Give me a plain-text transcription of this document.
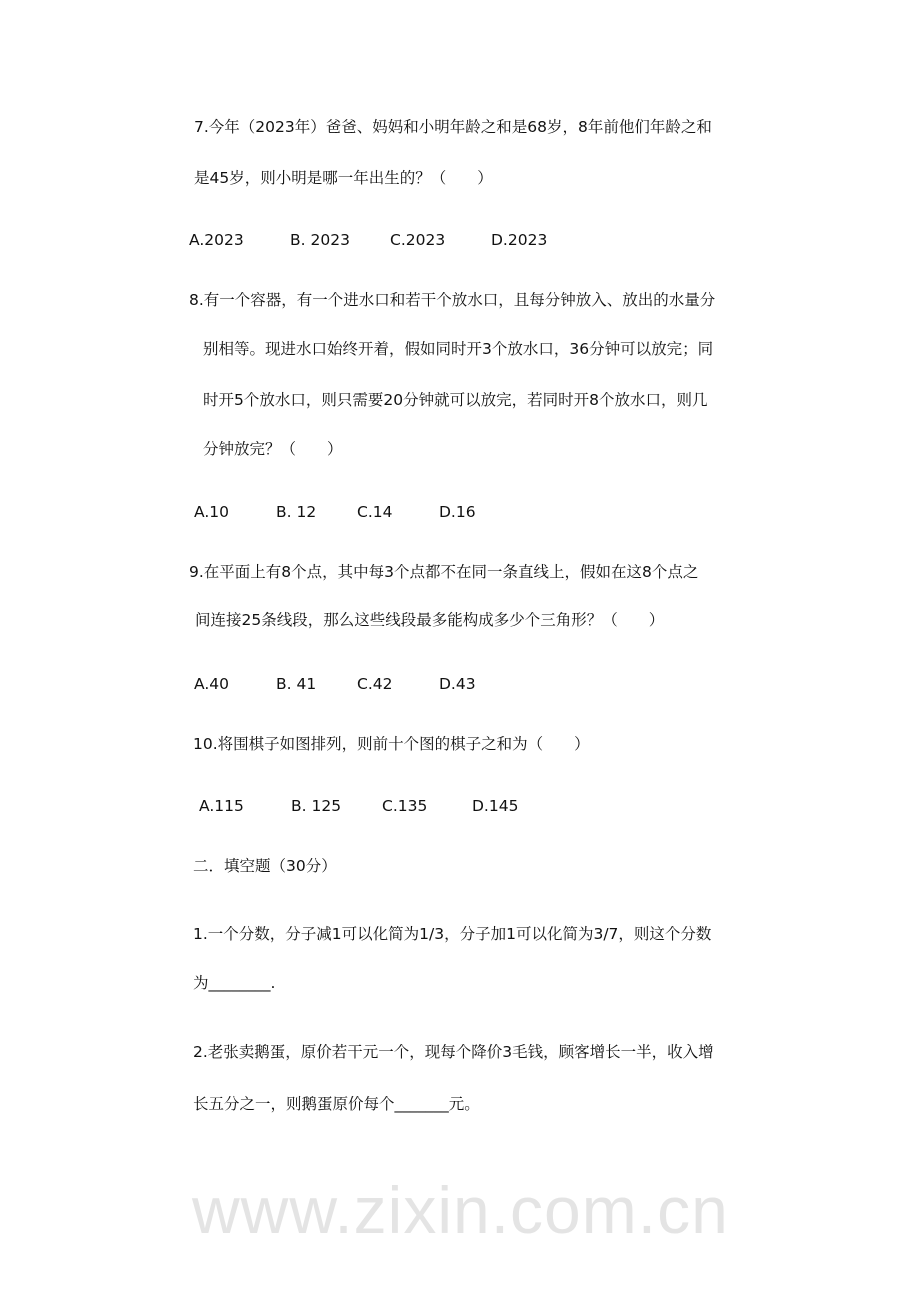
www.zixin.com.cn
7.今年（2023年）爸爸、妈妈和小明年龄之和是68岁，8年前他们年龄之和
是45岁，则小明是哪一年出生的？（　　）
A.2023	B. 2023	C.2023	D.2023
8.有一个容器，有一个进水口和若干个放水口，且每分钟放入、放出的水量分
别相等。现进水口始终开着，假如同时开3个放水口，36分钟可以放完；同
时开5个放水口，则只需要20分钟就可以放完，若同时开8个放水口，则几
分钟放完？（　　）
A.10	B. 12	C.14	D.16
9.在平面上有8个点，其中每3个点都不在同一条直线上，假如在这8个点之
间连接25条线段，那么这些线段最多能构成多少个三角形？（　　）
A.40	B. 41	C.42	D.43
10.将围棋子如图排列，则前十个图的棋子之和为（　　）
A.115	B. 125	C.135	D.145
二．填空题（30分）
1.一个分数，分子减1可以化简为1/3，分子加1可以化简为3/7，则这个分数
为________.
2.老张卖鹅蛋，原价若干元一个，现每个降价3毛钱，顾客增长一半，收入增
长五分之一，则鹅蛋原价每个_______元。
